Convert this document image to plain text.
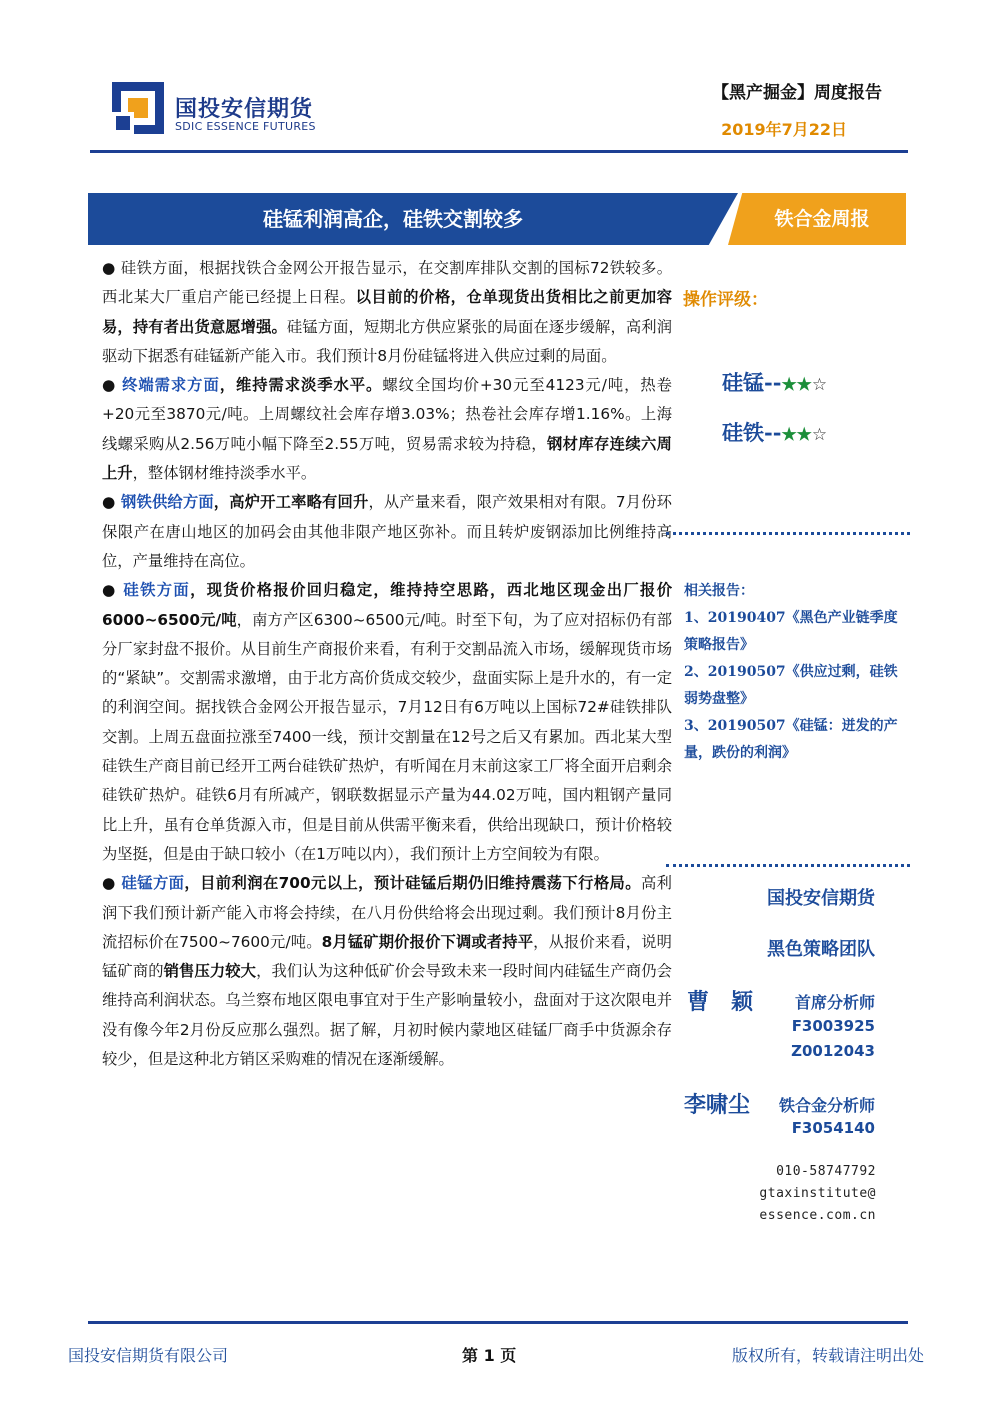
国投安信期货
SDIC ESSENCE FUTURES
【黑产掘金】周度报告
2019年7月22日
硅锰利润高企，硅铁交割较多	铁合金周报

● 硅铁方面，根据找铁合金网公开报告显示，在交割库排队交割的国标72铁较多。西北某大厂重启产能已经提上日程。以目前的价格，仓单现货出货相比之前更加容易，持有者出货意愿增强。硅锰方面，短期北方供应紧张的局面在逐步缓解，高利润驱动下据悉有硅锰新产能入市。我们预计8月份硅锰将进入供应过剩的局面。

● 终端需求方面，维持需求淡季水平。螺纹全国均价+30元至4123元/吨，热卷+20元至3870元/吨。上周螺纹社会库存增3.03%；热卷社会库存增1.16%。上海线螺采购从2.56万吨小幅下降至2.55万吨，贸易需求较为持稳，钢材库存连续六周上升，整体钢材维持淡季水平。

● 钢铁供给方面，高炉开工率略有回升，从产量来看，限产效果相对有限。7月份环保限产在唐山地区的加码会由其他非限产地区弥补。而且转炉废钢添加比例维持高位，产量维持在高位。

● 硅铁方面，现货价格报价回归稳定，维持持空思路，西北地区现金出厂报价6000~6500元/吨，南方产区6300~6500元/吨。时至下旬，为了应对招标仍有部分厂家封盘不报价。从目前生产商报价来看，有利于交割品流入市场，缓解现货市场的“紧缺”。交割需求激增，由于北方高价货成交较少，盘面实际上是升水的，有一定的利润空间。据找铁合金网公开报告显示，7月12日有6万吨以上国标72#硅铁排队交割。上周五盘面拉涨至7400一线，预计交割量在12号之后又有累加。西北某大型硅铁生产商目前已经开工两台硅铁矿热炉，有听闻在月末前这家工厂将全面开启剩余硅铁矿热炉。硅铁6月有所减产，钢联数据显示产量为44.02万吨，国内粗钢产量同比上升，虽有仓单货源入市，但是目前从供需平衡来看，供给出现缺口，预计价格较为坚挺，但是由于缺口较小（在1万吨以内），我们预计上方空间较为有限。

● 硅锰方面，目前利润在700元以上，预计硅锰后期仍旧维持震荡下行格局。高利润下我们预计新产能入市将会持续，在八月份供给将会出现过剩。我们预计8月份主流招标价在7500~7600元/吨。8月锰矿期价报价下调或者持平，从报价来看，说明锰矿商的销售压力较大，我们认为这种低矿价会导致未来一段时间内硅锰生产商仍会维持高利润状态。乌兰察布地区限电事宜对于生产影响量较小，盘面对于这次限电并没有像今年2月份反应那么强烈。据了解，月初时候内蒙地区硅锰厂商手中货源余存较少，但是这种北方销区采购难的情况在逐渐缓解。

操作评级：
硅锰--★★☆
硅铁--★★☆
相关报告：
1、20190407《黑色产业链季度策略报告》
2、20190507《供应过剩，硅铁弱势盘整》
3、20190507《硅锰：迸发的产量，跌份的利润》
国投安信期货
黑色策略团队
曹　颖	首席分析师
F3003925
Z0012043
李啸尘 铁合金分析师
F3054140
010-58747792
gtaxinstitute@
essence.com.cn
国投安信期货有限公司	第 1 页	版权所有，转载请注明出处
